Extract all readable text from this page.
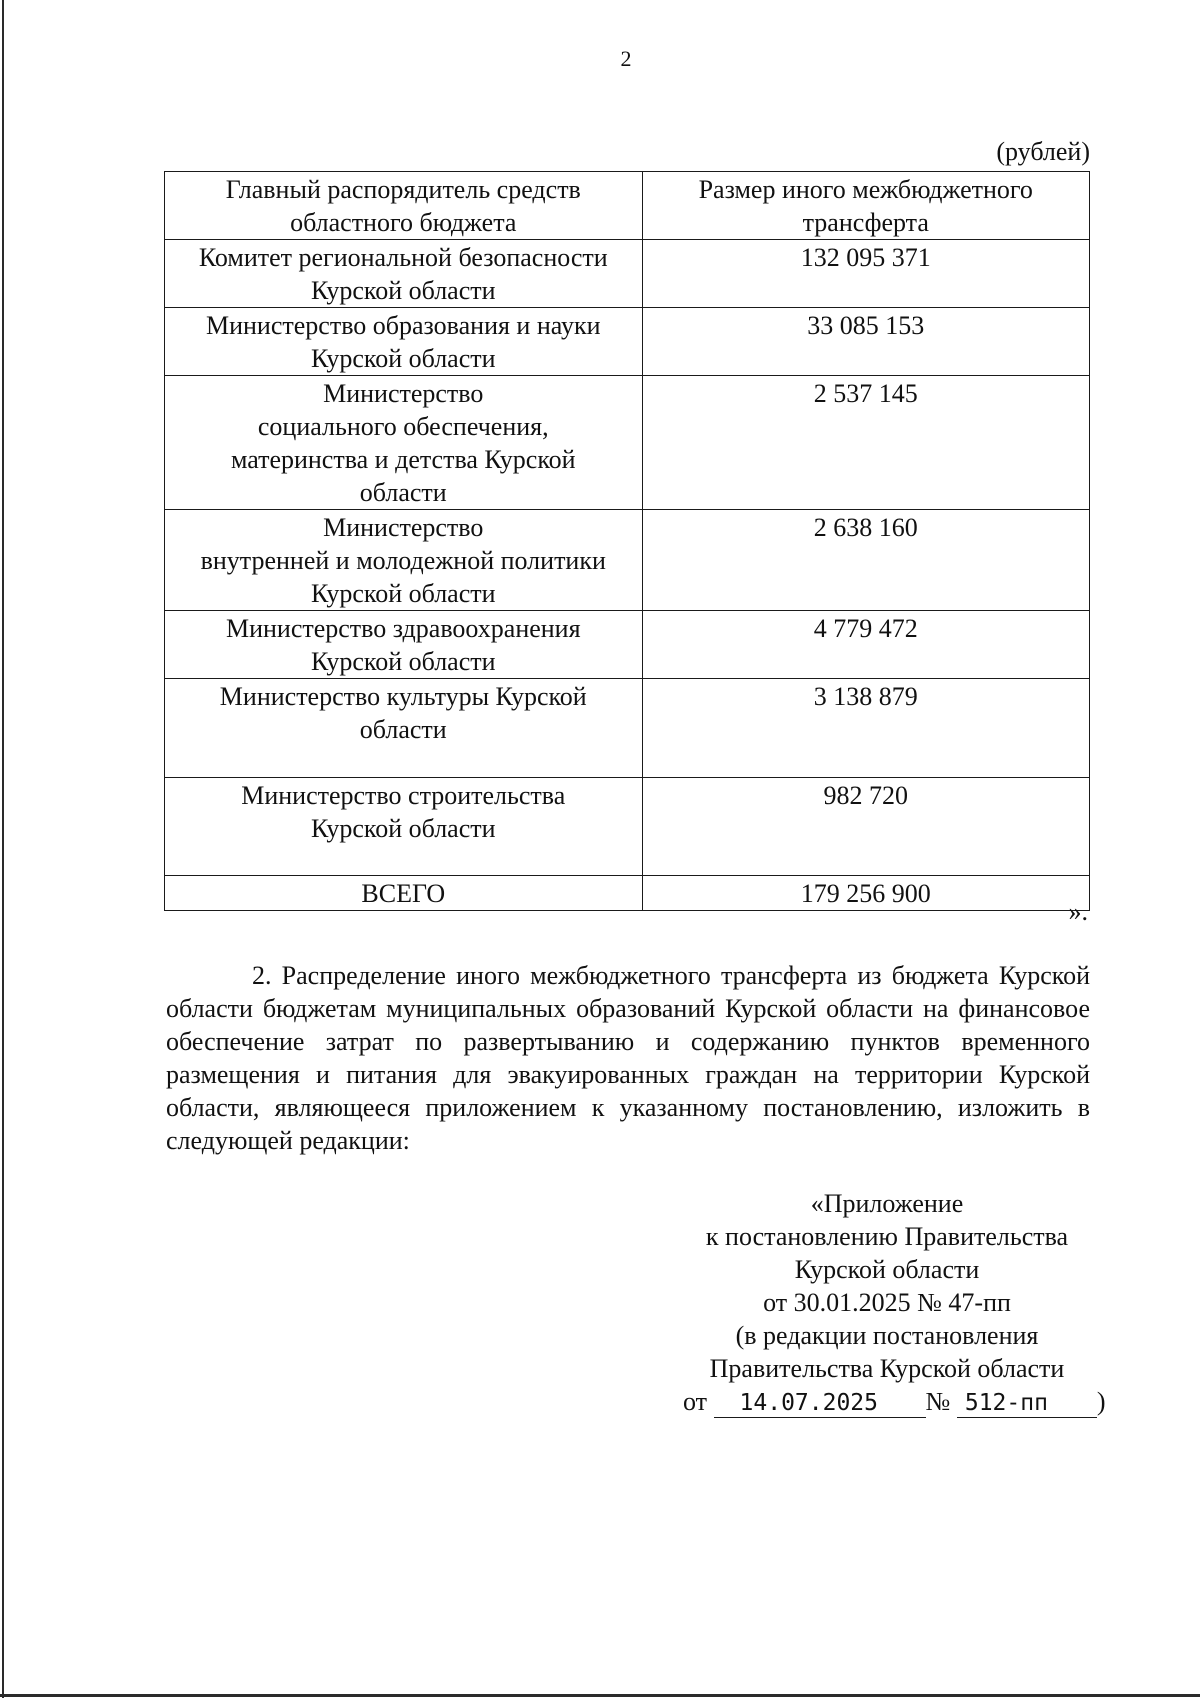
2
(рублей)
Главный распорядитель средств
областного бюджета	Размер иного межбюджетного
трансферта
Комитет региональной безопасности
Курской области	132 095 371
Министерство образования и науки
Курской области	33 085 153
Министерство
социального обеспечения,
материнства и детства Курской
области	2 537 145
Министерство
внутренней и молодежной политики
Курской области	2 638 160
Министерство здравоохранения
Курской области	4 779 472
Министерство культуры Курской
области	3 138 879
Министерство строительства
Курской области	982 720
ВСЕГО	179 256 900
».
2. Распределение иного межбюджетного трансферта из бюджета Курской области бюджетам муниципальных образований Курской области на финансовое обеспечение затрат по развертыванию и содержанию пунктов временного размещения и питания для эвакуированных граждан на территории Курской области, являющееся приложением к указанному постановлению, изложить в следующей редакции:
«Приложение
к постановлению Правительства
Курской области
от 30.01.2025 № 47-пп
(в редакции постановления
Правительства Курской области
от 14.07.2025 № 512-пп )
